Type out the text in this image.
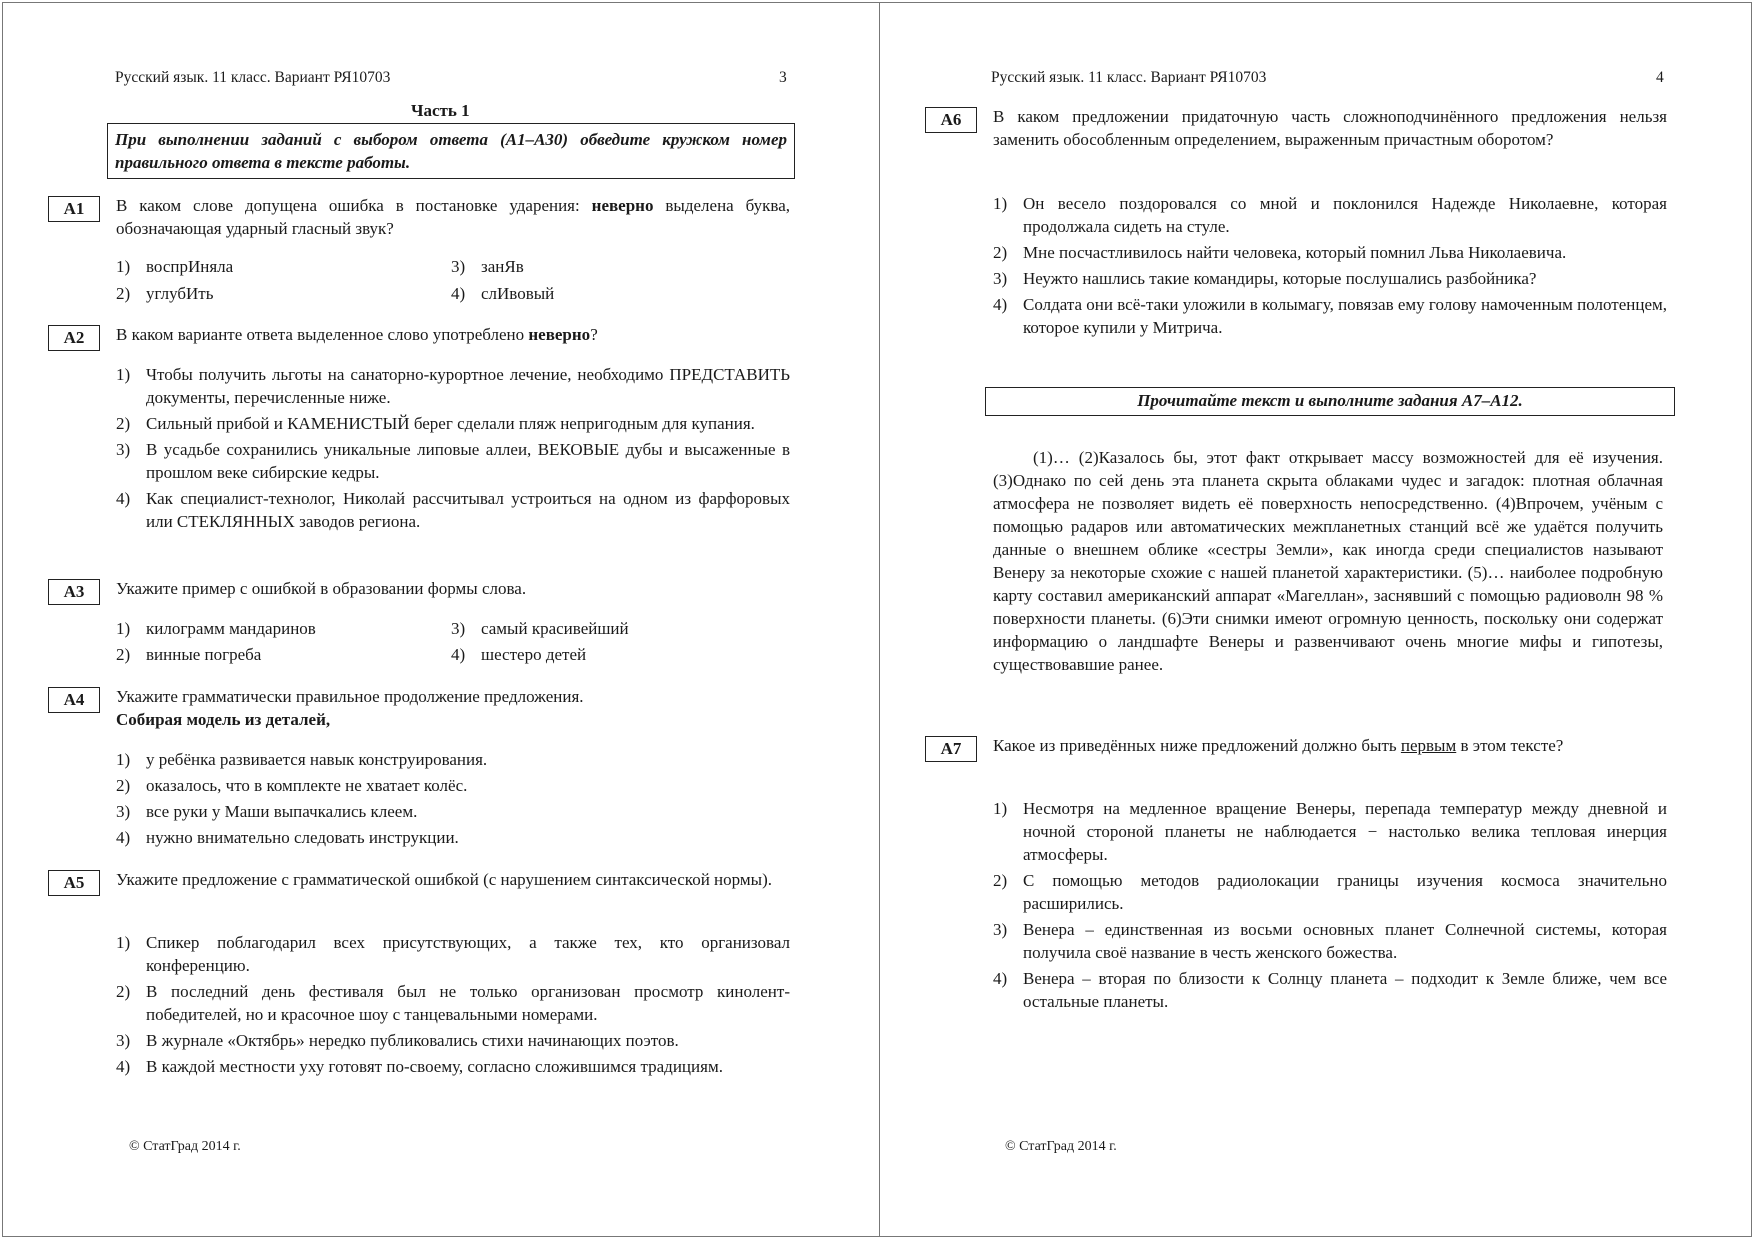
Русский язык. 11 класс. Вариант РЯ10703	3
Часть 1
При выполнении заданий с выбором ответа (А1–А30) обведите кружком номер правильного ответа в тексте работы.
А1	В каком слове допущена ошибка в постановке ударения: неверно выделена буква, обозначающая ударный гласный звук?
1) воспрИняла
2) углубИть
3) занЯв
4) слИвовый
А2	В каком варианте ответа выделенное слово употреблено неверно?
1) Чтобы получить льготы на санаторно-курортное лечение, необходимо ПРЕДСТАВИТЬ документы, перечисленные ниже.
2) Сильный прибой и КАМЕНИСТЫЙ берег сделали пляж непригодным для купания.
3) В усадьбе сохранились уникальные липовые аллеи, ВЕКОВЫЕ дубы и высаженные в прошлом веке сибирские кедры.
4) Как специалист-технолог, Николай рассчитывал устроиться на одном из фарфоровых или СТЕКЛЯННЫХ заводов региона.
А3	Укажите пример с ошибкой в образовании формы слова.
1) килограмм мандаринов
2) винные погреба
3) самый красивейший
4) шестеро детей
А4	Укажите грамматически правильное продолжение предложения.
Собирая модель из деталей,
1) у ребёнка развивается навык конструирования.
2) оказалось, что в комплекте не хватает колёс.
3) все руки у Маши выпачкались клеем.
4) нужно внимательно следовать инструкции.
А5	Укажите предложение с грамматической ошибкой (с нарушением синтаксической нормы).
1) Спикер поблагодарил всех присутствующих, а также тех, кто организовал конференцию.
2) В последний день фестиваля был не только организован просмотр кинолент-победителей, но и красочное шоу с танцевальными номерами.
3) В журнале «Октябрь» нередко публиковались стихи начинающих поэтов.
4) В каждой местности уху готовят по-своему, согласно сложившимся традициям.
© СтатГрад 2014 г.
Русский язык. 11 класс. Вариант РЯ10703	4
А6	В каком предложении придаточную часть сложноподчинённого предложения нельзя заменить обособленным определением, выраженным причастным оборотом?
1) Он весело поздоровался со мной и поклонился Надежде Николаевне, которая продолжала сидеть на стуле.
2) Мне посчастливилось найти человека, который помнил Льва Николаевича.
3) Неужто нашлись такие командиры, которые послушались разбойника?
4) Солдата они всё-таки уложили в колымагу, повязав ему голову намоченным полотенцем, которое купили у Митрича.
Прочитайте текст и выполните задания А7–А12.
(1)… (2)Казалось бы, этот факт открывает массу возможностей для её изучения. (3)Однако по сей день эта планета скрыта облаками чудес и загадок: плотная облачная атмосфера не позволяет видеть её поверхность непосредственно. (4)Впрочем, учёным с помощью радаров или автоматических межпланетных станций всё же удаётся получить данные о внешнем облике «сестры Земли», как иногда среди специалистов называют Венеру за некоторые схожие с нашей планетой характеристики. (5)… наиболее подробную карту составил американский аппарат «Магеллан», заснявший с помощью радиоволн 98 % поверхности планеты. (6)Эти снимки имеют огромную ценность, поскольку они содержат информацию о ландшафте Венеры и развенчивают очень многие мифы и гипотезы, существовавшие ранее.
А7	Какое из приведённых ниже предложений должно быть первым в этом тексте?
1) Несмотря на медленное вращение Венеры, перепада температур между дневной и ночной стороной планеты не наблюдается − настолько велика тепловая инерция атмосферы.
2) С помощью методов радиолокации границы изучения космоса значительно расширились.
3) Венера – единственная из восьми основных планет Солнечной системы, которая получила своё название в честь женского божества.
4) Венера – вторая по близости к Солнцу планета – подходит к Земле ближе, чем все остальные планеты.
© СтатГрад 2014 г.
